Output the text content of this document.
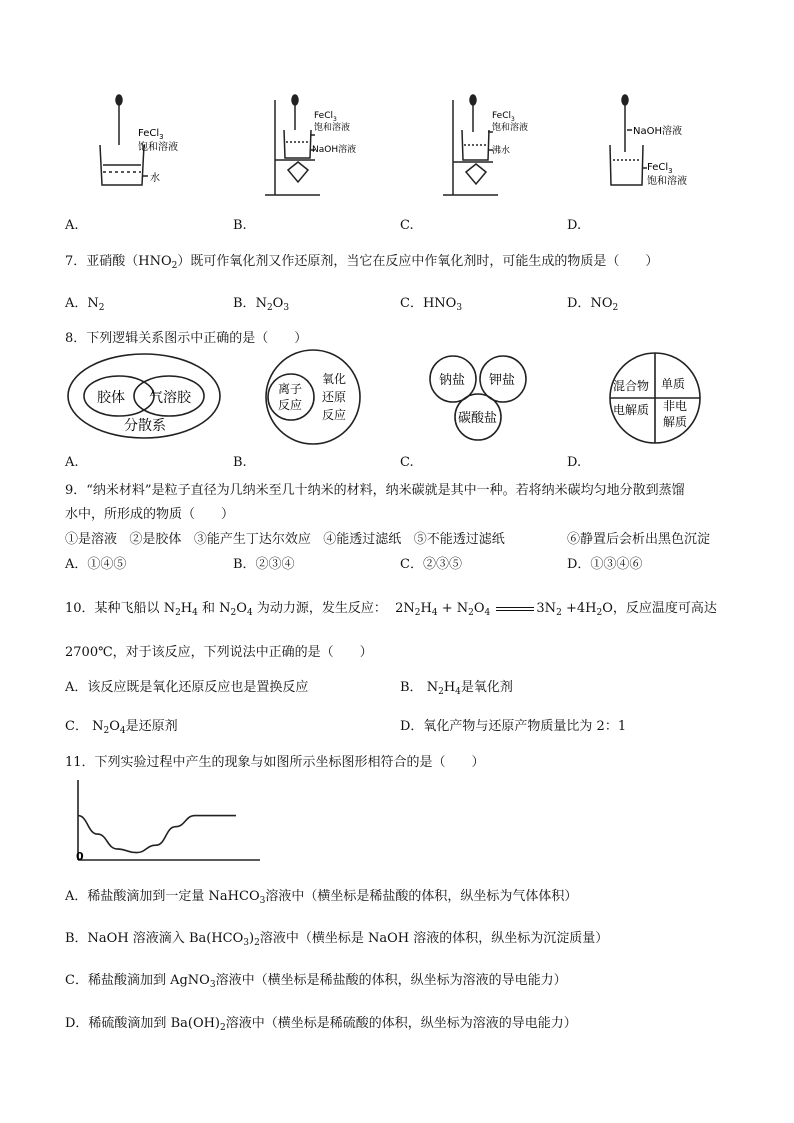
FeCl$_3$
饱和溶液
水
FeCl$_3$
饱和溶液
NaOH溶液
FeCl$_3$
饱和溶液
沸水
NaOH溶液
FeCl$_3$
饱和溶液
A.	B.	C.	D.
7．亚硝酸$(HNO_2)$既可作氧化剂又作还原剂，当它在反应中作氧化剂时，可能生成的物质是（　　）
A．$N_2$	B．$N_2O_3$	C．$HNO_3$	D．$NO_2$
8．下列逻辑关系图示中正确的是（　　）
胶体 气溶胶
分散系
离子
反应
氧化
还原
反应
钠盐 钾盐
碳酸盐
混合物 单质
电解质 非电
解质
A.	B.	C.	D.
9．“纳米材料”是粒子直径为几纳米至几十纳米的材料，纳米碳就是其中一种。若将纳米碳均匀地分散到蒸馏
水中，所形成的物质（　　）
①是溶液 ②是胶体 ③能产生丁达尔效应 ④能透过滤纸 ⑤不能透过滤纸	⑥静置后会析出黑色沉淀
A．①④⑤	B．②③④	C．②③⑤	D．①③④⑥
10．某种飞船以 $N_2H_4$ 和 $N_2O_4$ 为动力源，发生反应： $2N_2H_4 + N_2O_4$	$3N_2 +4H_2O$，反应温度可高达
2700℃，对于该反应，下列说法中正确的是（　　）
A．该反应既是氧化还原反应也是置换反应	B． $N_2H_4$是氧化剂
C． $N_2O_4$是还原剂	D．氧化产物与还原产物质量比为 2：1
11．下列实验过程中产生的现象与如图所示坐标图形相符合的是（　　）
0
A．稀盐酸滴加到一定量 NaHCO$_3$溶液中（横坐标是稀盐酸的体积，纵坐标为气体体积）
B．NaOH 溶液滴入 $Ba(HCO_3)_2$溶液中（横坐标是 NaOH 溶液的体积，纵坐标为沉淀质量）
C．稀盐酸滴加到 AgNO$_3$溶液中（横坐标是稀盐酸的体积，纵坐标为溶液的导电能力）
D．稀硫酸滴加到 $Ba(OH)_2$溶液中（横坐标是稀硫酸的体积，纵坐标为溶液的导电能力）
